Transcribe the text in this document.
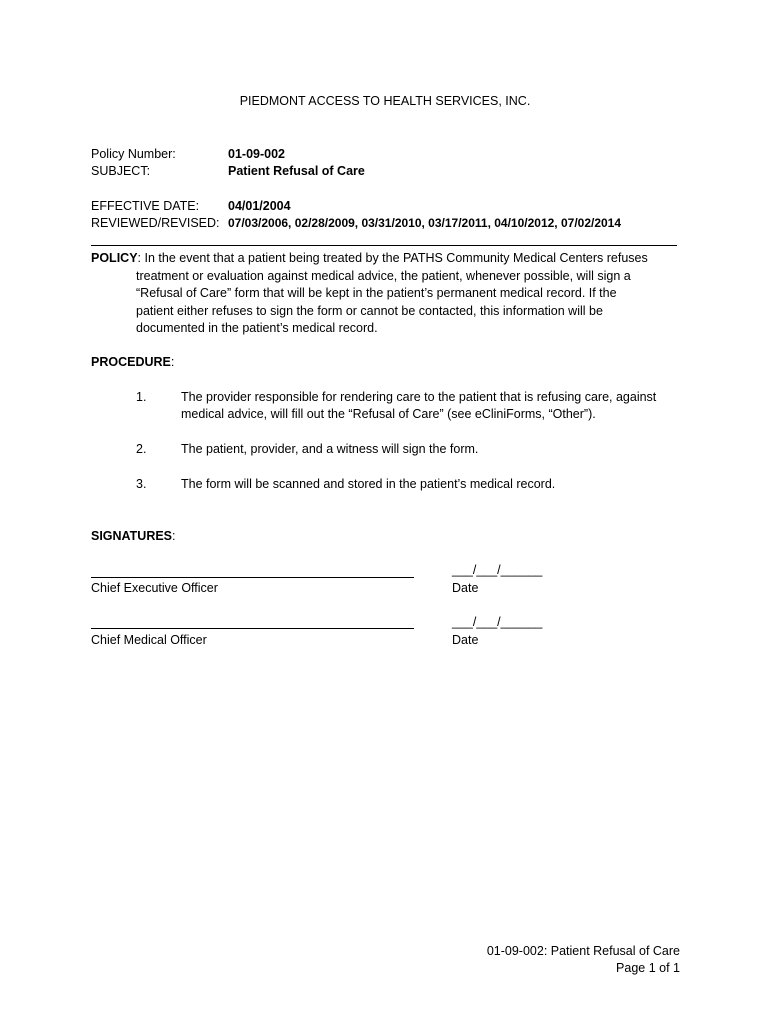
PIEDMONT ACCESS TO HEALTH SERVICES, INC.
Policy Number:	01-09-002
SUBJECT:	Patient Refusal of Care
EFFECTIVE DATE: 04/01/2004
REVIEWED/REVISED: 07/03/2006, 02/28/2009, 03/31/2010, 03/17/2011, 04/10/2012, 07/02/2014
POLICY: In the event that a patient being treated by the PATHS Community Medical Centers refuses
treatment or evaluation against medical advice, the patient, whenever possible, will sign a
“Refusal of Care” form that will be kept in the patient’s permanent medical record. If the
patient either refuses to sign the form or cannot be contacted, this information will be
documented in the patient’s medical record.
PROCEDURE:
1.	The provider responsible for rendering care to the patient that is refusing care, against
medical advice, will fill out the “Refusal of Care” (see eCliniForms, “Other”).
2.	The patient, provider, and a witness will sign the form.
3.	The form will be scanned and stored in the patient’s medical record.
SIGNATURES:
___/___/______
Chief Executive Officer	Date
___/___/______
Chief Medical Officer	Date
01-09-002: Patient Refusal of Care
Page 1 of 1
